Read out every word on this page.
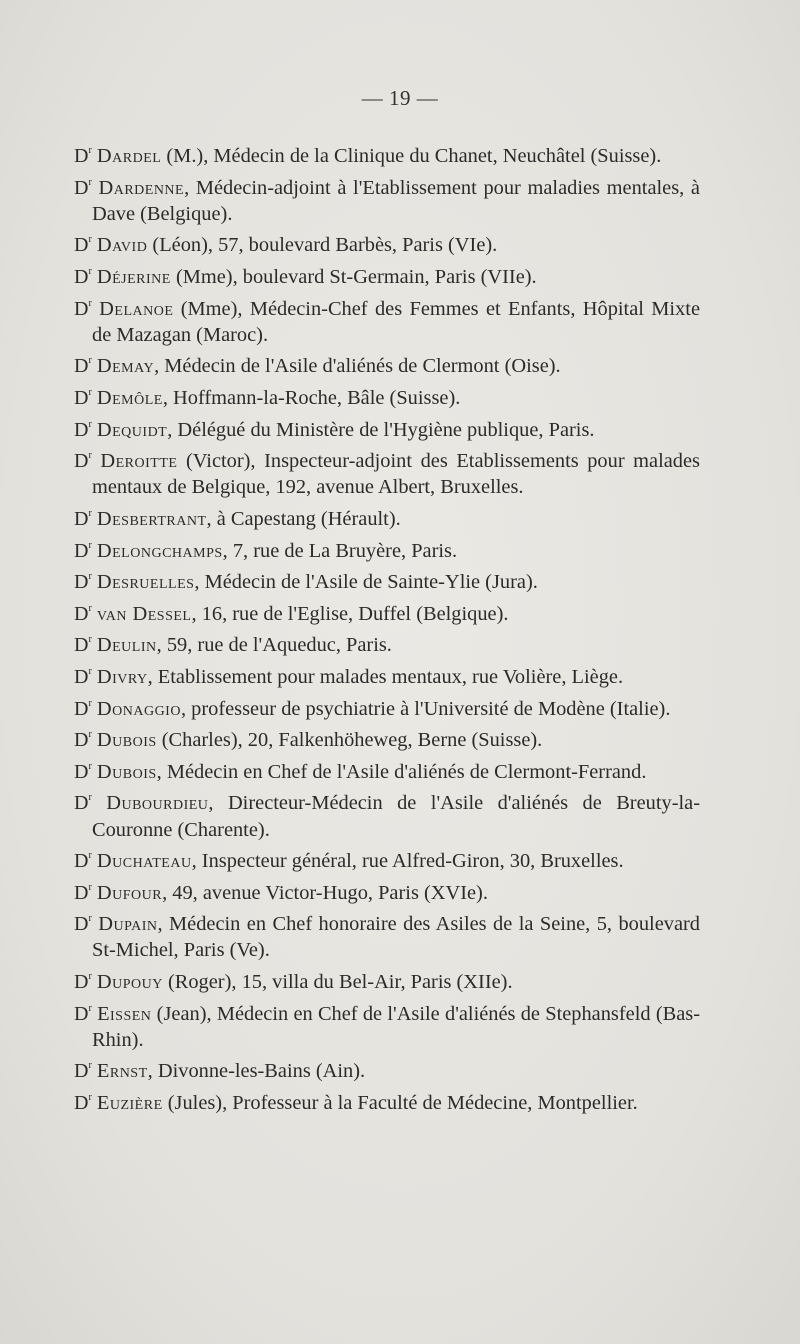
— 19 —

$D^r$ Dardel (M.), Médecin de la Clinique du Chanet, Neuchâtel (Suisse).

$D^r$ Dardenne, Médecin-adjoint à l'Etablissement pour maladies mentales, à Dave (Belgique).

$D^r$ David (Léon), 57, boulevard Barbès, Paris (VIe).

$D^r$ Déjerine (Mme), boulevard St-Germain, Paris (VIIe).

$D^r$ Delanoe (Mme), Médecin-Chef des Femmes et Enfants, Hôpital Mixte de Mazagan (Maroc).

$D^r$ Demay, Médecin de l'Asile d'aliénés de Clermont (Oise).

$D^r$ Demôle, Hoffmann-la-Roche, Bâle (Suisse).

$D^r$ Dequidt, Délégué du Ministère de l'Hygiène publique, Paris.

$D^r$ Deroitte (Victor), Inspecteur-adjoint des Etablissements pour malades mentaux de Belgique, 192, avenue Albert, Bruxelles.

$D^r$ Desbertrant, à Capestang (Hérault).

$D^r$ Delongchamps, 7, rue de La Bruyère, Paris.

$D^r$ Desruelles, Médecin de l'Asile de Sainte-Ylie (Jura).

$D^r$ van Dessel, 16, rue de l'Eglise, Duffel (Belgique).

$D^r$ Deulin, 59, rue de l'Aqueduc, Paris.

$D^r$ Divry, Etablissement pour malades mentaux, rue Volière, Liège.

$D^r$ Donaggio, professeur de psychiatrie à l'Université de Modène (Italie).

$D^r$ Dubois (Charles), 20, Falkenhöheweg, Berne (Suisse).

$D^r$ Dubois, Médecin en Chef de l'Asile d'aliénés de Clermont-Ferrand.

$D^r$ Dubourdieu, Directeur-Médecin de l'Asile d'aliénés de Breuty-la-Couronne (Charente).

$D^r$ Duchateau, Inspecteur général, rue Alfred-Giron, 30, Bruxelles.

$D^r$ Dufour, 49, avenue Victor-Hugo, Paris (XVIe).

$D^r$ Dupain, Médecin en Chef honoraire des Asiles de la Seine, 5, boulevard St-Michel, Paris (Ve).

$D^r$ Dupouy (Roger), 15, villa du Bel-Air, Paris (XIIe).

$D^r$ Eissen (Jean), Médecin en Chef de l'Asile d'aliénés de Stephansfeld (Bas-Rhin).

$D^r$ Ernst, Divonne-les-Bains (Ain).

$D^r$ Euzière (Jules), Professeur à la Faculté de Médecine, Montpellier.
